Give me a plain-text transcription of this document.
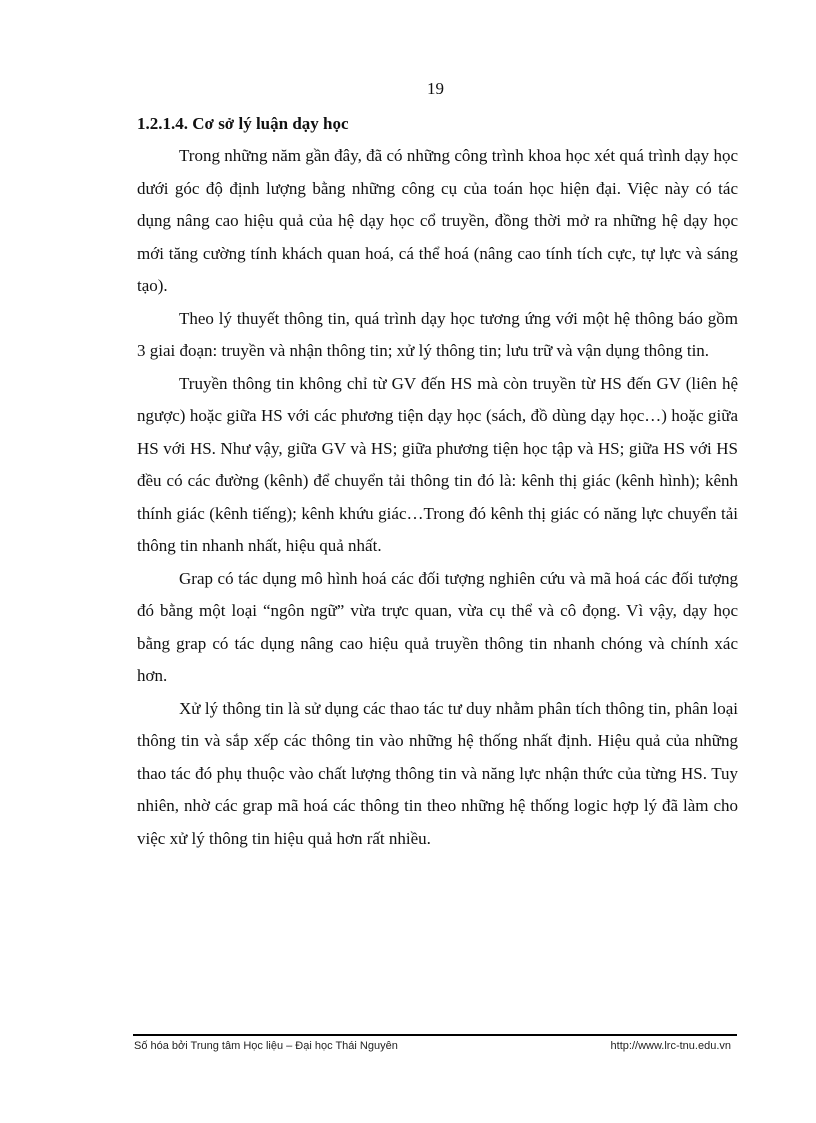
19
1.2.1.4. Cơ sở lý luận dạy học

Trong những năm gần đây, đã có những công trình khoa học xét quá trình dạy học dưới góc độ định lượng bằng những công cụ của toán học hiện đại. Việc này có tác dụng nâng cao hiệu quả của hệ dạy học cổ truyền, đồng thời mở ra những hệ dạy học mới tăng cường tính khách quan hoá, cá thể hoá (nâng cao tính tích cực, tự lực và sáng tạo).

Theo lý thuyết thông tin, quá trình dạy học tương ứng với một hệ thông báo gồm 3 giai đoạn: truyền và nhận thông tin; xử lý thông tin; lưu trữ và vận dụng thông tin.

Truyền thông tin không chỉ từ GV đến HS mà còn truyền từ HS đến GV (liên hệ ngược) hoặc giữa HS với các phương tiện dạy học (sách, đồ dùng dạy học…) hoặc giữa HS với HS. Như vậy, giữa GV và HS; giữa phương tiện học tập và HS; giữa HS với HS đều có các đường (kênh) để chuyển tải thông tin đó là: kênh thị giác (kênh hình); kênh thính giác (kênh tiếng); kênh khứu giác…Trong đó kênh thị giác có năng lực chuyển tải thông tin nhanh nhất, hiệu quả nhất.

Grap có tác dụng mô hình hoá các đối tượng nghiên cứu và mã hoá các đối tượng đó bằng một loại “ngôn ngữ” vừa trực quan, vừa cụ thể và cô đọng. Vì vậy, dạy học bằng grap có tác dụng nâng cao hiệu quả truyền thông tin nhanh chóng và chính xác hơn.

Xử lý thông tin là sử dụng các thao tác tư duy nhằm phân tích thông tin, phân loại thông tin và sắp xếp các thông tin vào những hệ thống nhất định. Hiệu quả của những thao tác đó phụ thuộc vào chất lượng thông tin và năng lực nhận thức của từng HS. Tuy nhiên, nhờ các grap mã hoá các thông tin theo những hệ thống logic hợp lý đã làm cho việc xử lý thông tin hiệu quả hơn rất nhiều.

Số hóa bởi Trung tâm Học liệu – Đại học Thái Nguyên	http://www.lrc-tnu.edu.vn
